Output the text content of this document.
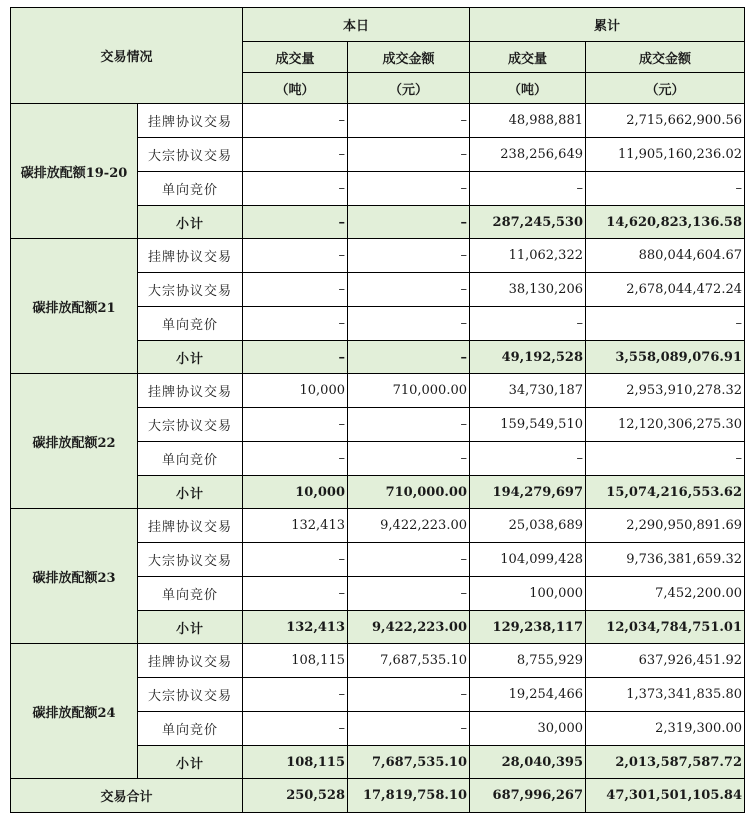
交易情况		本日		累计	
		成交量	成交金额	成交量	成交金额
		（吨）	（元）	（吨）	（元）
碳排放配额19-20	挂牌协议交易	–	–	48,988,881	2,715,662,900.56
	大宗协议交易	–	–	238,256,649	11,905,160,236.02
	单向竞价	–	–	–	–
	小计	–	–	287,245,530	14,620,823,136.58
碳排放配额21	挂牌协议交易	–	–	11,062,322	880,044,604.67
	大宗协议交易	–	–	38,130,206	2,678,044,472.24
	单向竞价	–	–	–	–
	小计	–	–	49,192,528	3,558,089,076.91
碳排放配额22	挂牌协议交易	10,000	710,000.00	34,730,187	2,953,910,278.32
	大宗协议交易	–	–	159,549,510	12,120,306,275.30
	单向竞价	–	–	–	–
	小计	10,000	710,000.00	194,279,697	15,074,216,553.62
碳排放配额23	挂牌协议交易	132,413	9,422,223.00	25,038,689	2,290,950,891.69
	大宗协议交易	–	–	104,099,428	9,736,381,659.32
	单向竞价	–	–	100,000	7,452,200.00
	小计	132,413	9,422,223.00	129,238,117	12,034,784,751.01
碳排放配额24	挂牌协议交易	108,115	7,687,535.10	8,755,929	637,926,451.92
	大宗协议交易	–	–	19,254,466	1,373,341,835.80
	单向竞价	–	–	30,000	2,319,300.00
	小计	108,115	7,687,535.10	28,040,395	2,013,587,587.72
交易合计		250,528	17,819,758.10	687,996,267	47,301,501,105.84
